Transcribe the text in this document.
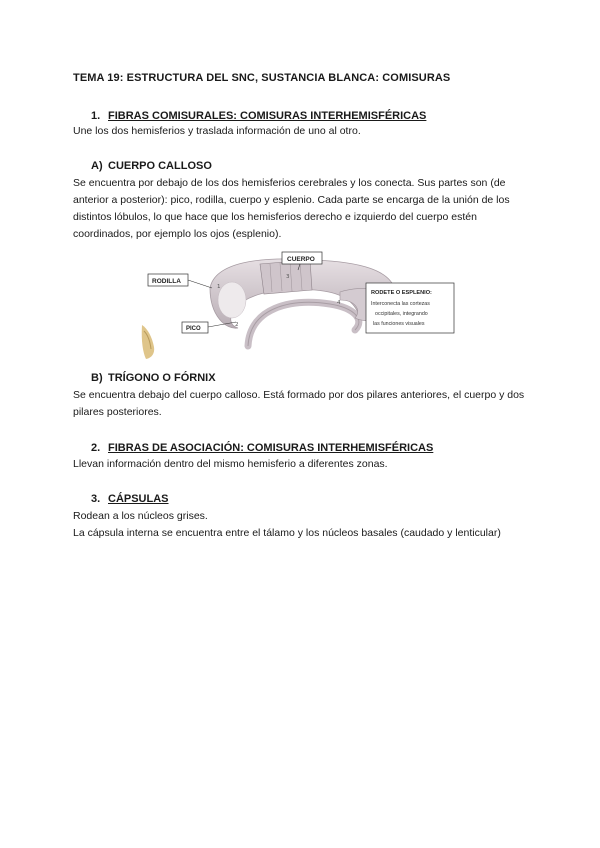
TEMA 19: ESTRUCTURA DEL SNC, SUSTANCIA BLANCA: COMISURAS
1. FIBRAS COMISURALES: COMISURAS INTERHEMISFÉRICAS

Une los dos hemisferios y traslada información de uno al otro.

A) CUERPO CALLOSO

Se encuentra por debajo de los dos hemisferios cerebrales y los conecta. Sus partes son (de anterior a posterior): pico, rodilla, cuerpo y esplenio. Cada parte se encarga de la unión de los distintos lóbulos, lo que hace que los hemisferios derecho e izquierdo del cuerpo estén coordinados, por ejemplo los ojos (esplenio).

1
3
4
2
CUERPO
RODILLA
PICO
RODETE O ESPLENIO:
Interconecta las cortezas
occipitales, integrando
las funciones visuales
B) TRÍGONO O FÓRNIX

Se encuentra debajo del cuerpo calloso. Está formado por dos pilares anteriores, el cuerpo y dos pilares posteriores.

2. FIBRAS DE ASOCIACIÓN: COMISURAS INTERHEMISFÉRICAS

Llevan información dentro del mismo hemisferio a diferentes zonas.

3. CÁPSULAS

Rodean a los núcleos grises.

La cápsula interna se encuentra entre el tálamo y los núcleos basales (caudado y lenticular)
